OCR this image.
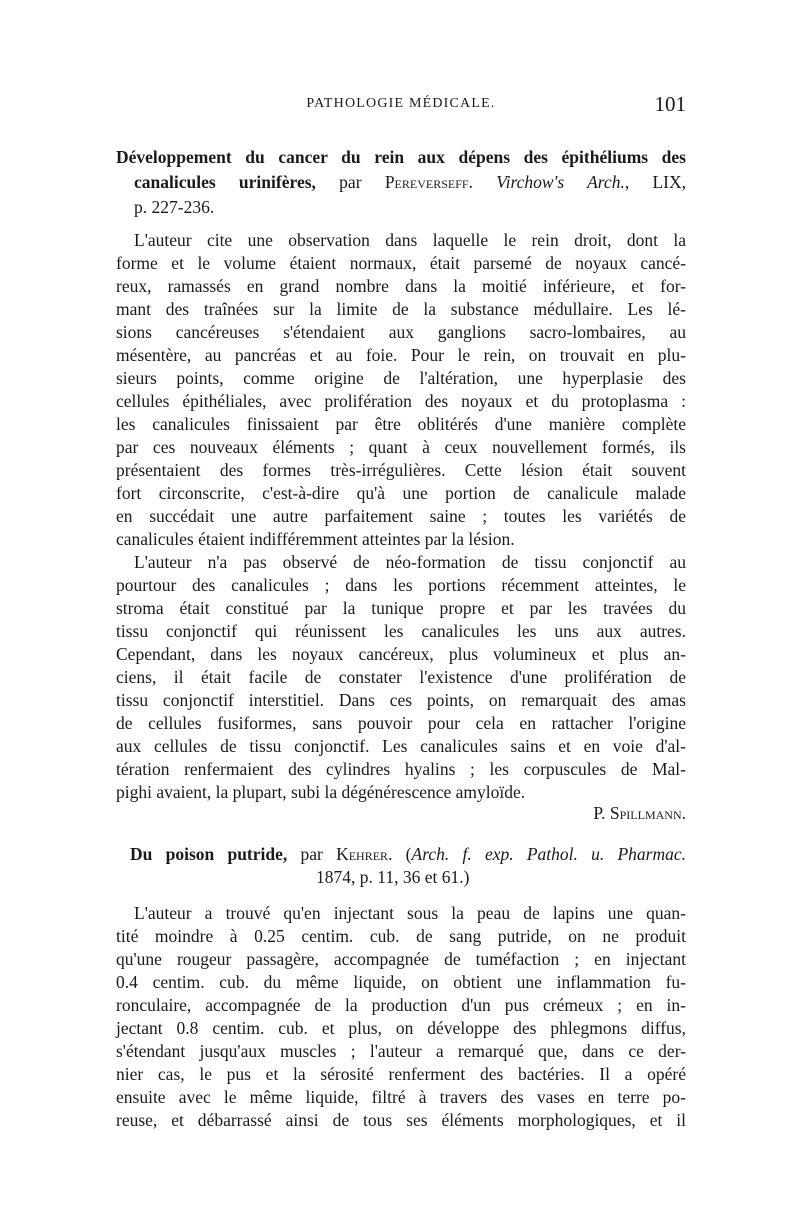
PATHOLOGIE MÉDICALE.	101
Développement du cancer du rein aux dépens des épithéliums des
canalicules urinifères, par Pereverseff. Virchow's Arch., LIX,
p. 227-236.
L'auteur cite une observation dans laquelle le rein droit, dont la
forme et le volume étaient normaux, était parsemé de noyaux cancé-
reux, ramassés en grand nombre dans la moitié inférieure, et for-
mant des traînées sur la limite de la substance médullaire. Les lé-
sions cancéreuses s'étendaient aux ganglions sacro-lombaires, au
mésentère, au pancréas et au foie. Pour le rein, on trouvait en plu-
sieurs points, comme origine de l'altération, une hyperplasie des
cellules épithéliales, avec prolifération des noyaux et du protoplasma :
les canalicules finissaient par être oblitérés d'une manière complète
par ces nouveaux éléments ; quant à ceux nouvellement formés, ils
présentaient des formes très-irrégulières. Cette lésion était souvent
fort circonscrite, c'est-à-dire qu'à une portion de canalicule malade
en succédait une autre parfaitement saine ; toutes les variétés de
canalicules étaient indifféremment atteintes par la lésion.
L'auteur n'a pas observé de néo-formation de tissu conjonctif au
pourtour des canalicules ; dans les portions récemment atteintes, le
stroma était constitué par la tunique propre et par les travées du
tissu conjonctif qui réunissent les canalicules les uns aux autres.
Cependant, dans les noyaux cancéreux, plus volumineux et plus an-
ciens, il était facile de constater l'existence d'une prolifération de
tissu conjonctif interstitiel. Dans ces points, on remarquait des amas
de cellules fusiformes, sans pouvoir pour cela en rattacher l'origine
aux cellules de tissu conjonctif. Les canalicules sains et en voie d'al-
tération renfermaient des cylindres hyalins ; les corpuscules de Mal-
pighi avaient, la plupart, subi la dégénérescence amyloïde.
P. Spillmann.
Du poison putride, par Kehrer. (Arch. f. exp. Pathol. u. Pharmac.
1874, p. 11, 36 et 61.)
L'auteur a trouvé qu'en injectant sous la peau de lapins une quan-
tité moindre à 0.25 centim. cub. de sang putride, on ne produit
qu'une rougeur passagère, accompagnée de tuméfaction ; en injectant
0.4 centim. cub. du même liquide, on obtient une inflammation fu-
ronculaire, accompagnée de la production d'un pus crémeux ; en in-
jectant 0.8 centim. cub. et plus, on développe des phlegmons diffus,
s'étendant jusqu'aux muscles ; l'auteur a remarqué que, dans ce der-
nier cas, le pus et la sérosité renferment des bactéries. Il a opéré
ensuite avec le même liquide, filtré à travers des vases en terre po-
reuse, et débarrassé ainsi de tous ses éléments morphologiques, et il
